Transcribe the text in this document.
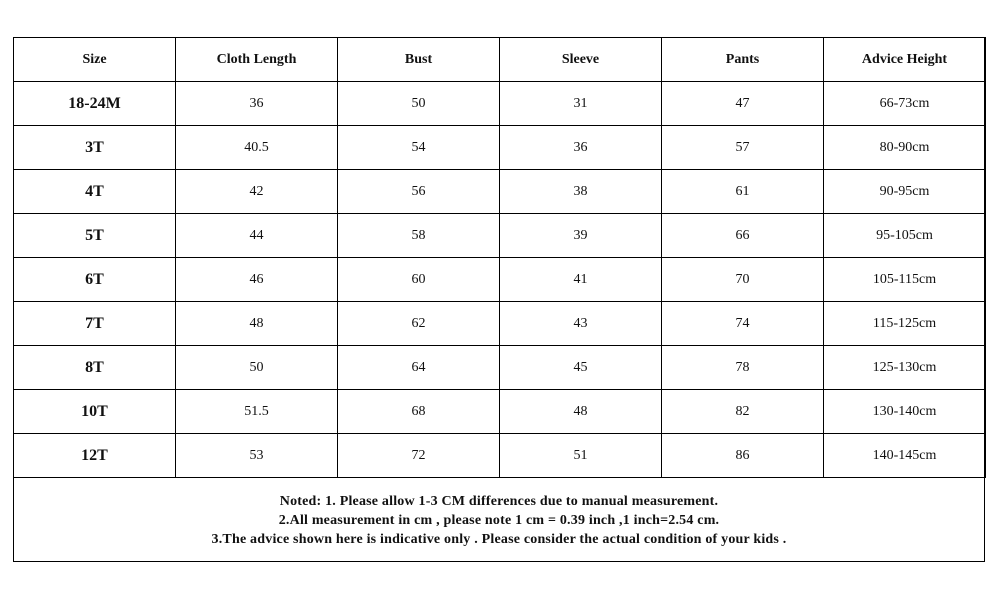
Size	Cloth Length	Bust	Sleeve	Pants	Advice Height
18-24M	36	50	31	47	66-73cm
3T	40.5	54	36	57	80-90cm
4T	42	56	38	61	90-95cm
5T	44	58	39	66	95-105cm
6T	46	60	41	70	105-115cm
7T	48	62	43	74	115-125cm
8T	50	64	45	78	125-130cm
10T	51.5	68	48	82	130-140cm
12T	53	72	51	86	140-145cm
Noted: 1. Please allow 1-3 CM differences due to manual measurement.
2.All measurement in cm , please note 1 cm = 0.39 inch ,1 inch=2.54 cm.
3.The advice shown here is indicative only . Please consider the actual condition of your kids .
